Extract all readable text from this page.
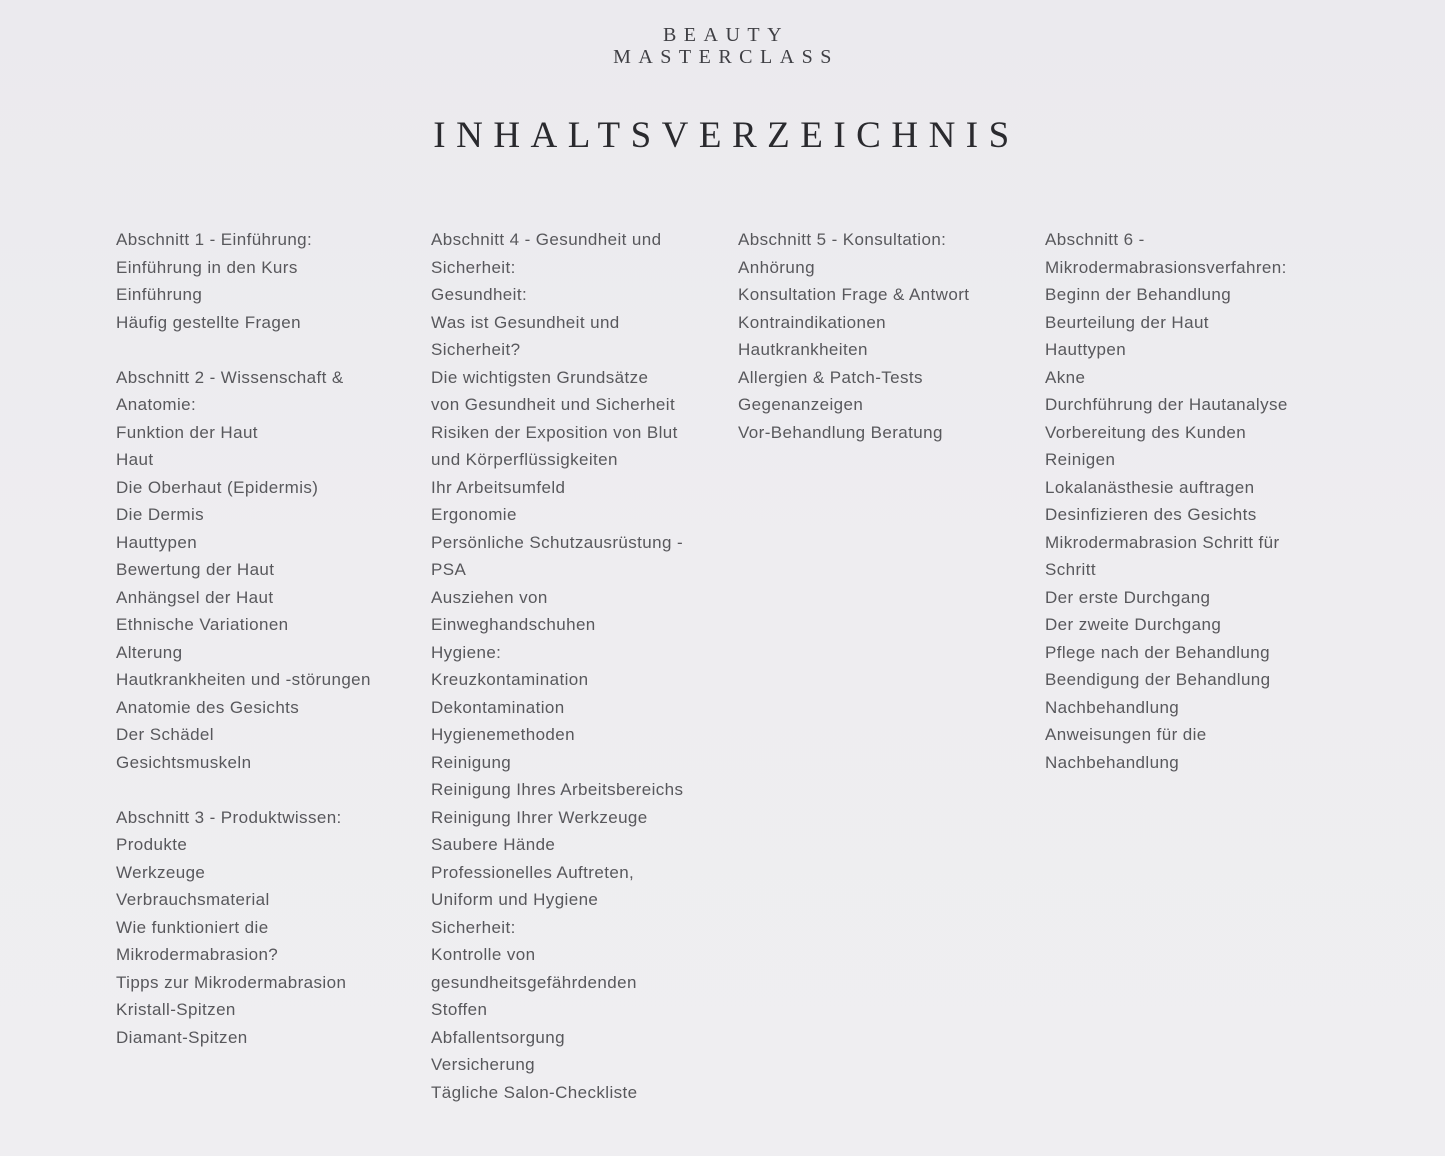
BEAUTY
MASTERCLASS
INHALTSVERZEICHNIS
Abschnitt 1 - Einführung:
Einführung in den Kurs
Einführung
Häufig gestellte Fragen
Abschnitt 2 - Wissenschaft &
Anatomie:
Funktion der Haut
Haut
Die Oberhaut (Epidermis)
Die Dermis
Hauttypen
Bewertung der Haut
Anhängsel der Haut
Ethnische Variationen
Alterung
Hautkrankheiten und -störungen
Anatomie des Gesichts
Der Schädel
Gesichtsmuskeln
Abschnitt 3 - Produktwissen:
Produkte
Werkzeuge
Verbrauchsmaterial
Wie funktioniert die
Mikrodermabrasion?
Tipps zur Mikrodermabrasion
Kristall-Spitzen
Diamant-Spitzen
Abschnitt 4 - Gesundheit und
Sicherheit:
Gesundheit:
Was ist Gesundheit und
Sicherheit?
Die wichtigsten Grundsätze
von Gesundheit und Sicherheit
Risiken der Exposition von Blut
und Körperflüssigkeiten
Ihr Arbeitsumfeld
Ergonomie
Persönliche Schutzausrüstung -
PSA
Ausziehen von
Einweghandschuhen
Hygiene:
Kreuzkontamination
Dekontamination
Hygienemethoden
Reinigung
Reinigung Ihres Arbeitsbereichs
Reinigung Ihrer Werkzeuge
Saubere Hände
Professionelles Auftreten,
Uniform und Hygiene
Sicherheit:
Kontrolle von
gesundheitsgefährdenden
Stoffen
Abfallentsorgung
Versicherung
Tägliche Salon-Checkliste
Abschnitt 5 - Konsultation:
Anhörung
Konsultation Frage & Antwort
Kontraindikationen
Hautkrankheiten
Allergien & Patch-Tests
Gegenanzeigen
Vor-Behandlung Beratung
Abschnitt 6 -
Mikrodermabrasionsverfahren:
Beginn der Behandlung
Beurteilung der Haut
Hauttypen
Akne
Durchführung der Hautanalyse
Vorbereitung des Kunden
Reinigen
Lokalanästhesie auftragen
Desinfizieren des Gesichts
Mikrodermabrasion Schritt für
Schritt
Der erste Durchgang
Der zweite Durchgang
Pflege nach der Behandlung
Beendigung der Behandlung
Nachbehandlung
Anweisungen für die
Nachbehandlung
